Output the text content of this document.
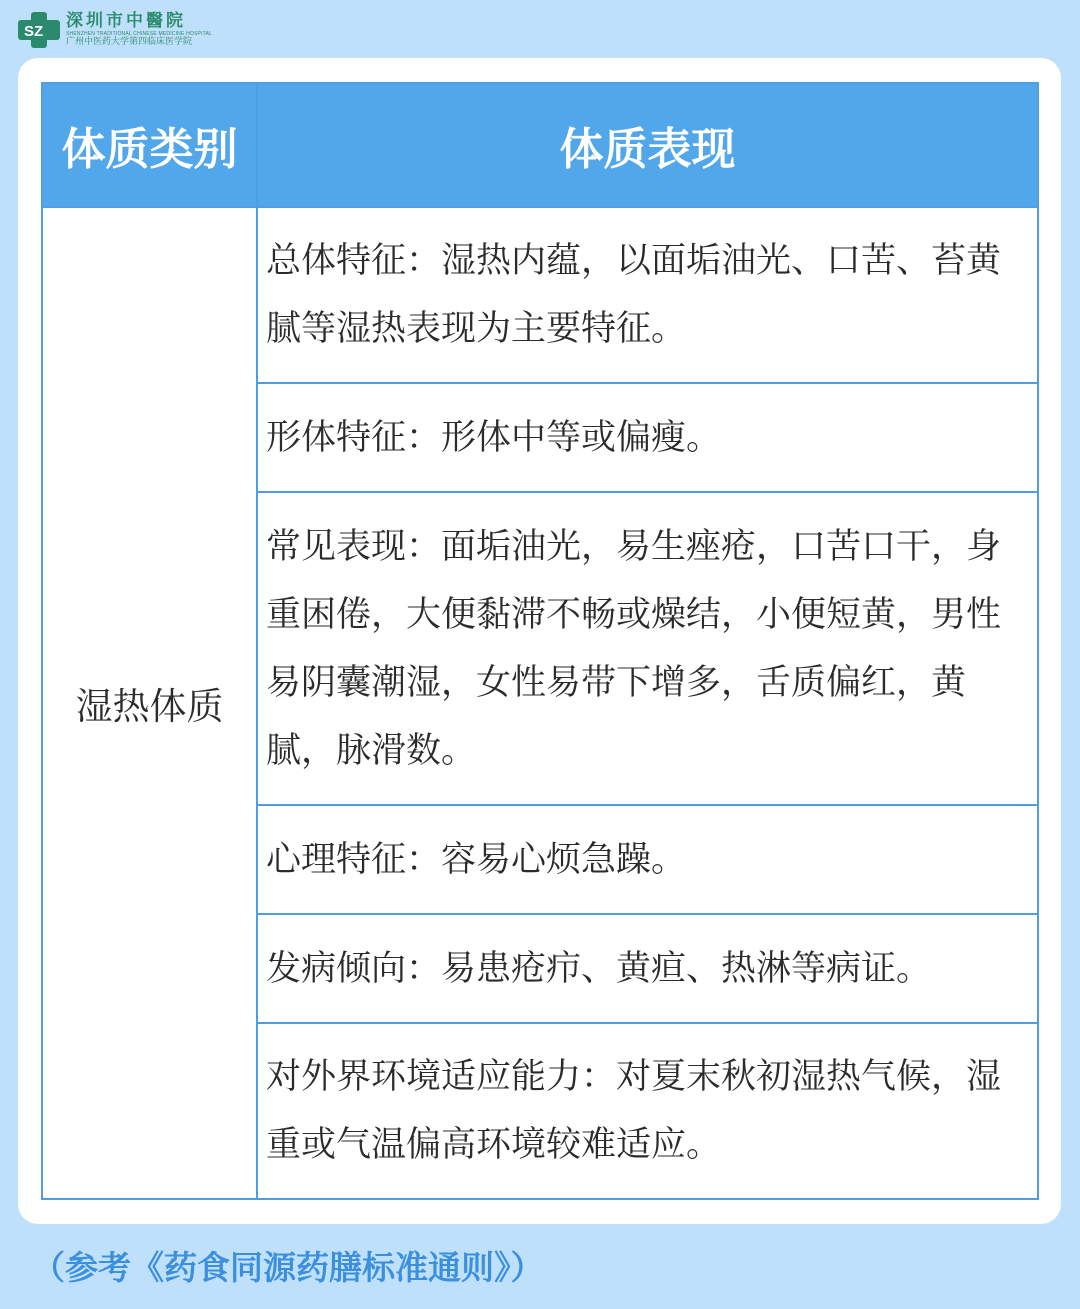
SZ
深圳市中醫院
SHENZHEN TRADITIONAL CHINESE MEDICINE HOSPITAL
广州中医药大学第四临床医学院
体质类别	体质表现
湿热体质	总体特征：湿热内蕴，以面垢油光、口苦、苔黄腻等湿热表现为主要特征。
	形体特征：形体中等或偏瘦。
	常见表现：面垢油光，易生痤疮，口苦口干，身重困倦，大便黏滞不畅或燥结，小便短黄，男性易阴囊潮湿，女性易带下增多，舌质偏红，黄腻，脉滑数。
	心理特征：容易心烦急躁。
	发病倾向：易患疮疖、黄疸、热淋等病证。
	对外界环境适应能力：对夏末秋初湿热气候，湿重或气温偏高环境较难适应。
（参考《药食同源药膳标准通则》）
